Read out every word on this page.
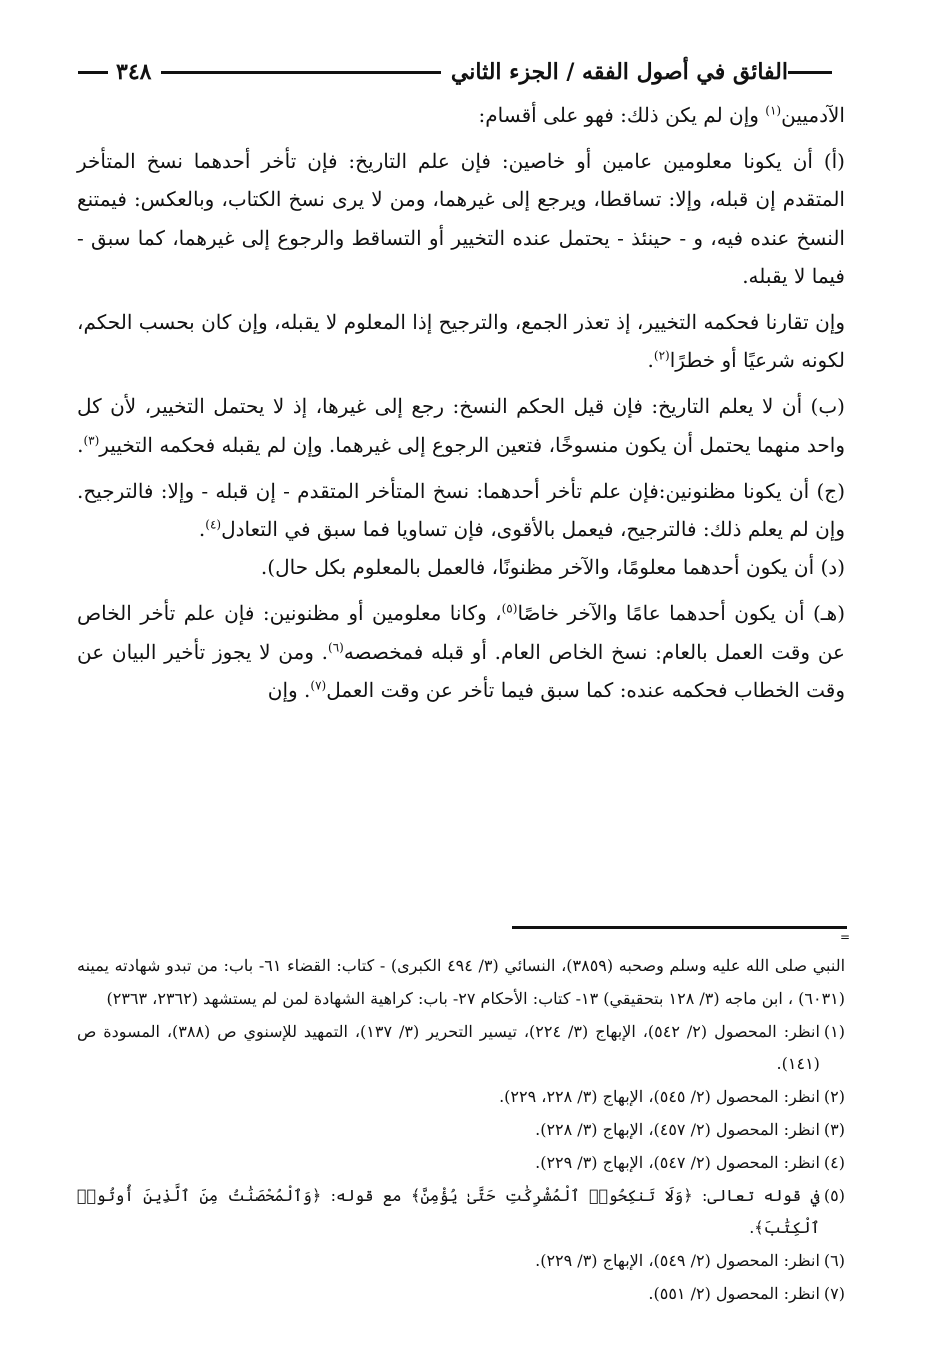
الفائق في أصول الفقه / الجزء الثاني
٣٤٨

الآدميين$^{(١)}$ وإن لم يكن ذلك: فهو على أقسام:

(أ) أن يكونا معلومين عامين أو خاصين: فإن علم التاريخ: فإن تأخر أحدهما نسخ المتأخر المتقدم إن قبله، وإلا: تساقطا، ويرجع إلى غيرهما، ومن لا يرى نسخ الكتاب، وبالعكس: فيمتنع النسخ عنده فيه، و - حينئذ - يحتمل عنده التخيير أو التساقط والرجوع إلى غيرهما، كما سبق - فيما لا يقبله.

وإن تقارنا فحكمه التخيير، إذ تعذر الجمع، والترجيح إذا المعلوم لا يقبله، وإن كان بحسب الحكم، لكونه شرعيًا أو خطرًا$^{(٢)}$.

(ب) أن لا يعلم التاريخ: فإن قيل الحكم النسخ: رجع إلى غيرها، إذ لا يحتمل التخيير، لأن كل واحد منهما يحتمل أن يكون منسوخًا، فتعين الرجوع إلى غيرهما. وإن لم يقبله فحكمه التخيير$^{(٣)}$.

(ج) أن يكونا مظنونين:فإن علم تأخر أحدهما: نسخ المتأخر المتقدم - إن قبله - وإلا: فالترجيح. وإن لم يعلم ذلك: فالترجيح، فيعمل بالأقوى، فإن تساويا فما سبق في التعادل$^{(٤)}$.

(د) أن يكون أحدهما معلومًا، والآخر مظنونًا، فالعمل بالمعلوم بكل حال).

(هـ) أن يكون أحدهما عامًا والآخر خاصًا$^{(٥)}$، وكانا معلومين أو مظنونين: فإن علم تأخر الخاص عن وقت العمل بالعام: نسخ الخاص العام. أو قبله فمخصصه$^{(٦)}$. ومن لا يجوز تأخير البيان عن وقت الخطاب فحكمه عنده: كما سبق فيما تأخر عن وقت العمل$^{(٧)}$. وإن

=

النبي صلى الله عليه وسلم وصحبه (٣٨٥٩)، النسائي (٣/ ٤٩٤ الكبرى) - كتاب: القضاء ٦١- باب: من تبدو شهادته يمينه (٦٠٣١) ، ابن ماجه (٣/ ١٢٨ بتحقيقي) ١٣- كتاب: الأحكام ٢٧- باب: كراهية الشهادة لمن لم يستشهد (٢٣٦٢، ٢٣٦٣)

(١)
انظر: المحصول (٢/ ٥٤٢)، الإبهاج (٣/ ٢٢٤)، تيسير التحرير (٣/ ١٣٧)، التمهيد للإسنوي ص (٣٨٨)، المسودة ص (١٤١).
(٢)
انظر: المحصول (٢/ ٥٤٥)، الإبهاج (٣/ ٢٢٨، ٢٢٩).
(٣)
انظر: المحصول (٢/ ٤٥٧)، الإبهاج (٣/ ٢٢٨).
(٤)
انظر: المحصول (٢/ ٥٤٧)، الإبهاج (٣/ ٢٢٩).
(٥)
في قوله تعالى: ﴿وَلَا تَنكِحُوا۟ ٱلْمُشْرِكَٰتِ حَتَّىٰ يُؤْمِنَّ﴾ مع قوله: ﴿وَٱلْمُحْصَنَٰتُ مِنَ ٱلَّذِينَ أُوتُوا۟ ٱلْكِتَٰبَ﴾.
(٦)
انظر: المحصول (٢/ ٥٤٩)، الإبهاج (٣/ ٢٢٩).
(٧)
انظر: المحصول (٢/ ٥٥١).
